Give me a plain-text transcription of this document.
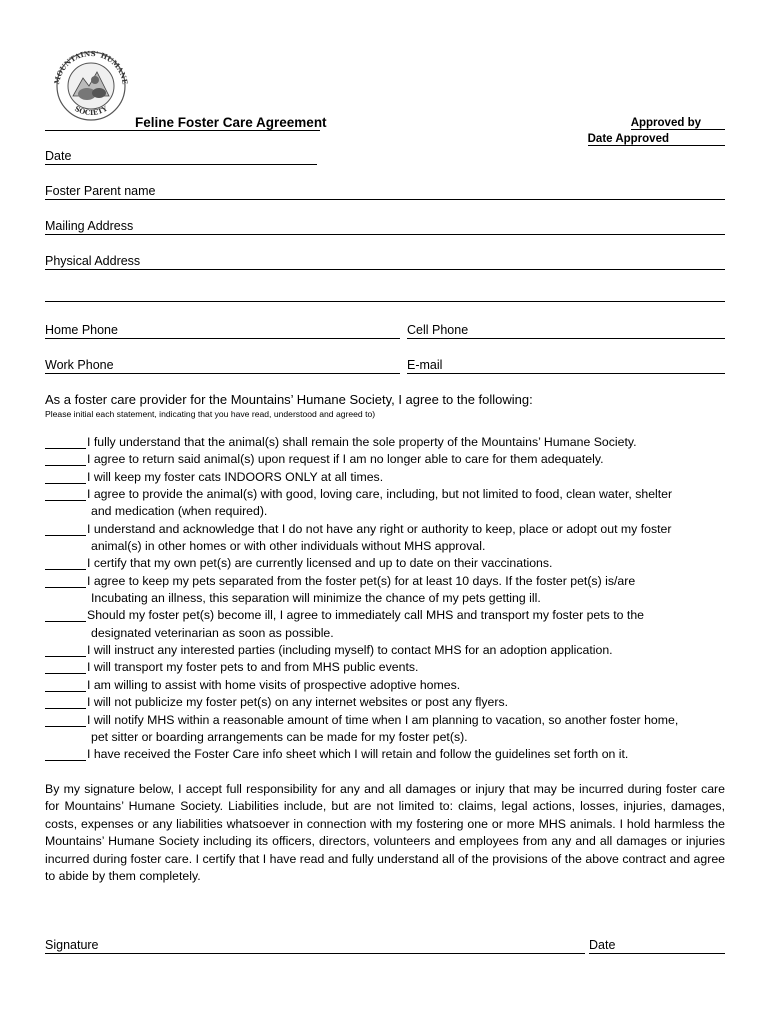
MOUNTAINS' HUMANE
SOCIETY
Feline Foster Care Agreement	Approved by
Date Approved
Date
Foster Parent name
Mailing Address
Physical Address
Home Phone	Cell Phone
Work Phone	E-mail
As a foster care provider for the Mountains’ Humane Society, I agree to the following:
Please initial each statement, indicating that you have read, understood and agreed to)
I fully understand that the animal(s) shall remain the sole property of the Mountains’ Humane Society.
I agree to return said animal(s) upon request if I am no longer able to care for them adequately.
I will keep my foster cats INDOORS ONLY at all times.
I agree to provide the animal(s) with good, loving care, including, but not limited to food, clean water, shelter
and medication (when required).
I understand and acknowledge that I do not have any right or authority to keep, place or adopt out my foster
animal(s) in other homes or with other individuals without MHS approval.
I certify that my own pet(s) are currently licensed and up to date on their vaccinations.
I agree to keep my pets separated from the foster pet(s) for at least 10 days. If the foster pet(s) is/are
Incubating an illness, this separation will minimize the chance of my pets getting ill.
Should my foster pet(s) become ill, I agree to immediately call MHS and transport my foster pets to the
designated veterinarian as soon as possible.
I will instruct any interested parties (including myself) to contact MHS for an adoption application.
I will transport my foster pets to and from MHS public events.
I am willing to assist with home visits of prospective adoptive homes.
I will not publicize my foster pet(s) on any internet websites or post any flyers.
I will notify MHS within a reasonable amount of time when I am planning to vacation, so another foster home,
pet sitter or boarding arrangements can be made for my foster pet(s).
I have received the Foster Care info sheet which I will retain and follow the guidelines set forth on it.
By my signature below, I accept full responsibility for any and all damages or injury that may be incurred during foster care for Mountains’ Humane Society. Liabilities include, but are not limited to: claims, legal actions, losses, injuries, damages, costs, expenses or any liabilities whatsoever in connection with my fostering one or more MHS animals. I hold harmless the Mountains’ Humane Society including its officers, directors, volunteers and employees from any and all damages or injuries incurred during foster care. I certify that I have read and fully understand all of the provisions of the above contract and agree to abide by them completely.
Signature	Date
